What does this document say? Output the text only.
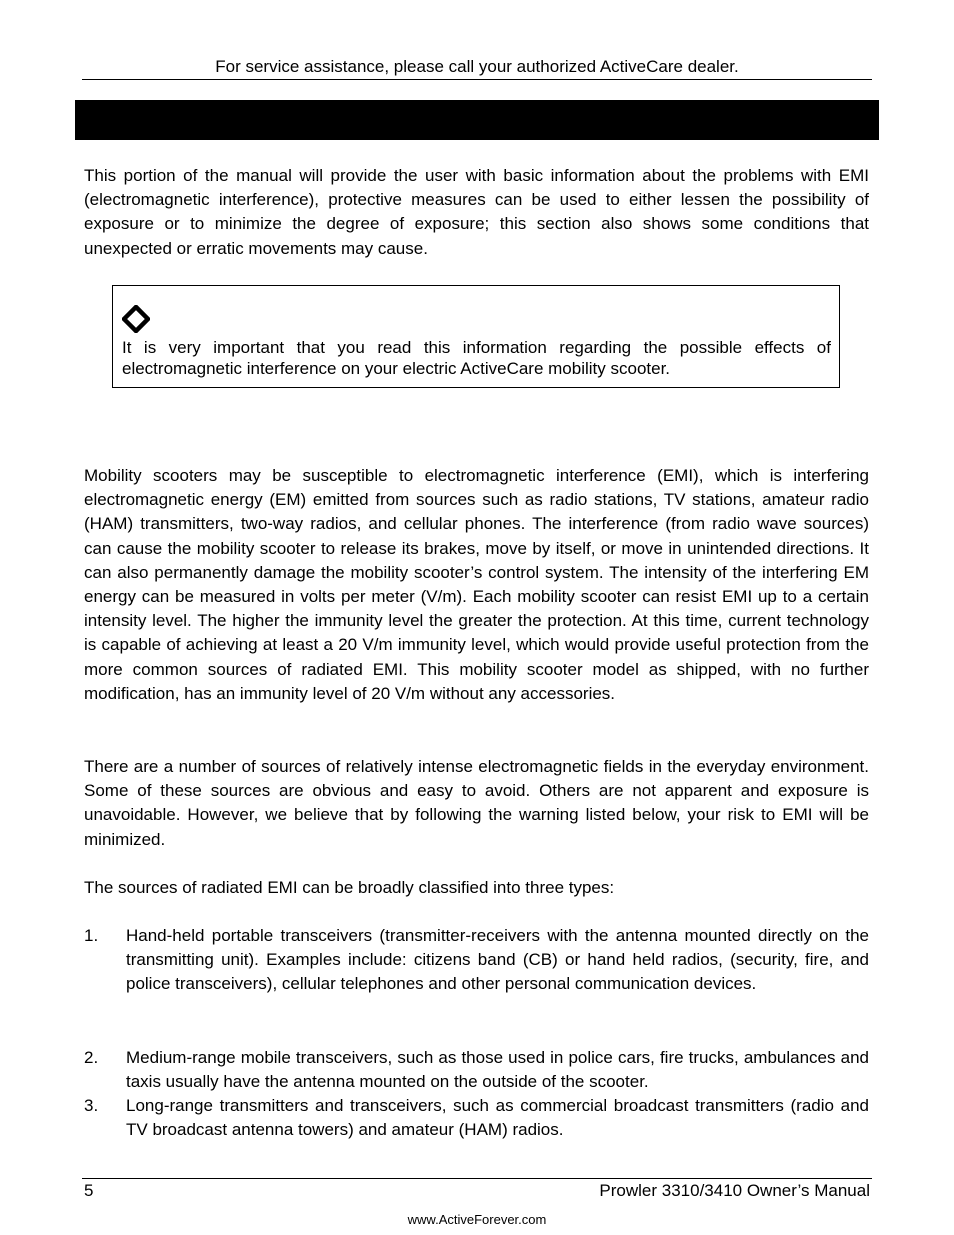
For service assistance, please call your authorized ActiveCare dealer.

This portion of the manual will provide the user with basic information about the problems with EMI (electromagnetic interference), protective measures can be used to either lessen the possibility of exposure or to minimize the degree of exposure; this section also shows some conditions that unexpected or erratic movements may cause.

It is very important that you read this information regarding the possible effects of electromagnetic interference on your electric ActiveCare mobility scooter.

Mobility scooters may be susceptible to electromagnetic interference (EMI), which is interfering electromagnetic energy (EM) emitted from sources such as radio stations, TV stations, amateur radio (HAM) transmitters, two-way radios, and cellular phones. The interference (from radio wave sources) can cause the mobility scooter to release its brakes, move by itself, or move in unintended directions. It can also permanently damage the mobility scooter’s control system. The intensity of the interfering EM energy can be measured in volts per meter (V/m). Each mobility scooter can resist EMI up to a certain intensity level. The higher the immunity level the greater the protection. At this time, current technology is capable of achieving at least a 20 V/m immunity level, which would provide useful protection from the more common sources of radiated EMI. This mobility scooter model as shipped, with no further modification, has an immunity level of 20 V/m without any accessories.

There are a number of sources of relatively intense electromagnetic fields in the everyday environment. Some of these sources are obvious and easy to avoid. Others are not apparent and exposure is unavoidable. However, we believe that by following the warning listed below, your risk to EMI will be minimized.

The sources of radiated EMI can be broadly classified into three types:

1. Hand-held portable transceivers (transmitter-receivers with the antenna mounted directly on the transmitting unit). Examples include: citizens band (CB) or hand held radios, (security, fire, and police transceivers), cellular telephones and other personal communication devices.
2. Medium-range mobile transceivers, such as those used in police cars, fire trucks, ambulances and taxis usually have the antenna mounted on the outside of the scooter.
3. Long-range transmitters and transceivers, such as commercial broadcast transmitters (radio and TV broadcast antenna towers) and amateur (HAM) radios.
5	Prowler 3310/3410 Owner’s Manual
www.ActiveForever.com
